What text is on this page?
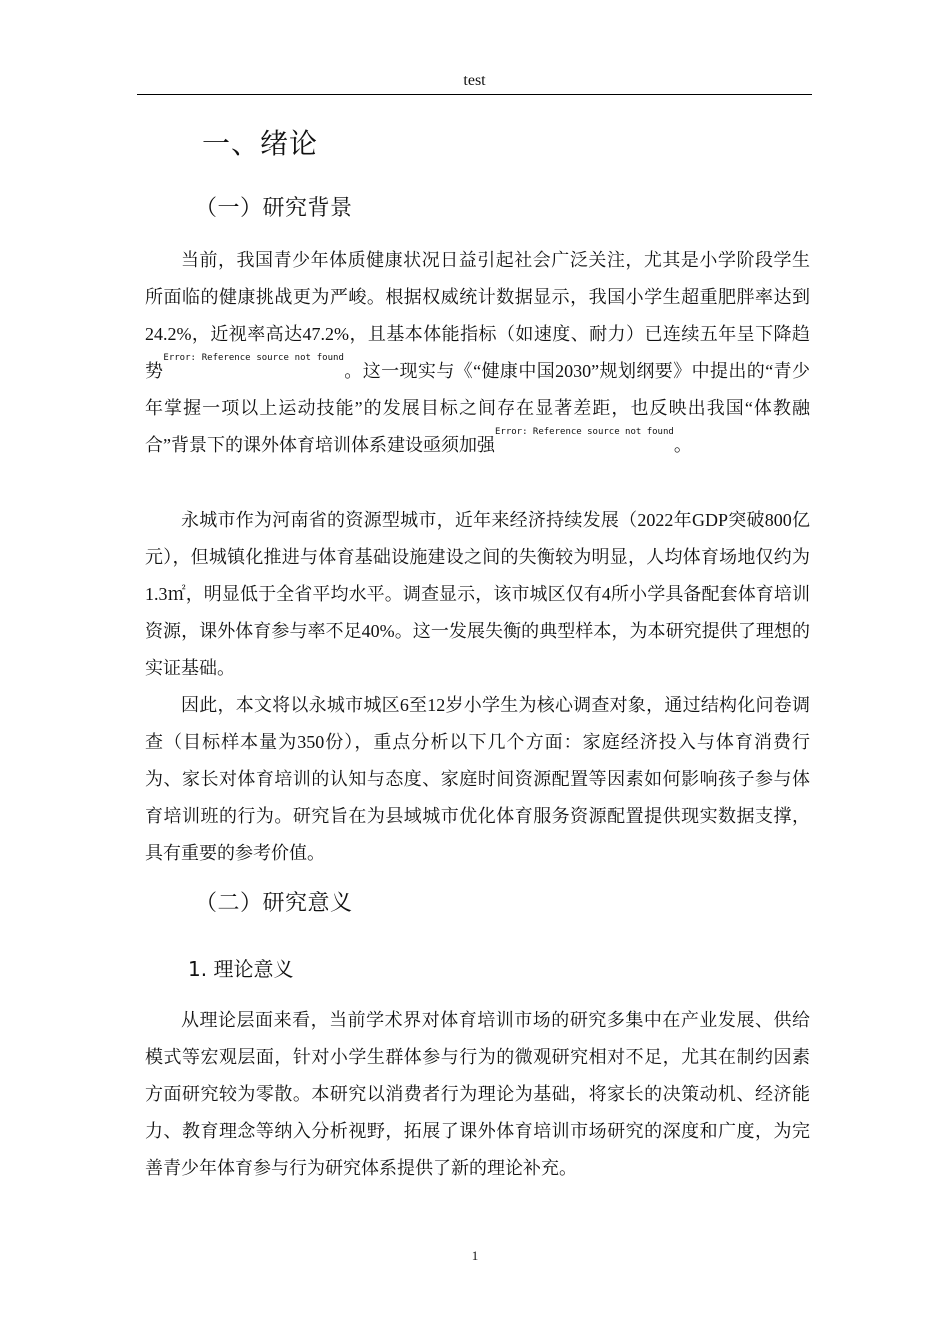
test
一、绪论
（一）研究背景

当前，我国青少年体质健康状况日益引起社会广泛关注，尤其是小学阶段学生所面临的健康挑战更为严峻。根据权威统计数据显示，我国小学生超重肥胖率达到24.2%，近视率高达47.2%，且基本体能指标（如速度、耐力）已连续五年呈下降趋势$^{Error: Reference source not found}$。这一现实与《“健康中国2030”规划纲要》中提出的“青少年掌握一项以上运动技能”的发展目标之间存在显著差距，也反映出我国“体教融合”背景下的课外体育培训体系建设亟须加强$^{Error: Reference source not found}$。

永城市作为河南省的资源型城市，近年来经济持续发展（2022年GDP突破800亿元），但城镇化推进与体育基础设施建设之间的失衡较为明显，人均体育场地仅约为1.3㎡，明显低于全省平均水平。调查显示，该市城区仅有4所小学具备配套体育培训资源，课外体育参与率不足40%。这一发展失衡的典型样本，为本研究提供了理想的实证基础。

因此，本文将以永城市城区6至12岁小学生为核心调查对象，通过结构化问卷调查（目标样本量为350份），重点分析以下几个方面：家庭经济投入与体育消费行为、家长对体育培训的认知与态度、家庭时间资源配置等因素如何影响孩子参与体育培训班的行为。研究旨在为县域城市优化体育服务资源配置提供现实数据支撑，具有重要的参考价值。

（二）研究意义
1. 理论意义

从理论层面来看，当前学术界对体育培训市场的研究多集中在产业发展、供给模式等宏观层面，针对小学生群体参与行为的微观研究相对不足，尤其在制约因素方面研究较为零散。本研究以消费者行为理论为基础，将家长的决策动机、经济能力、教育理念等纳入分析视野，拓展了课外体育培训市场研究的深度和广度，为完善青少年体育参与行为研究体系提供了新的理论补充。

1
